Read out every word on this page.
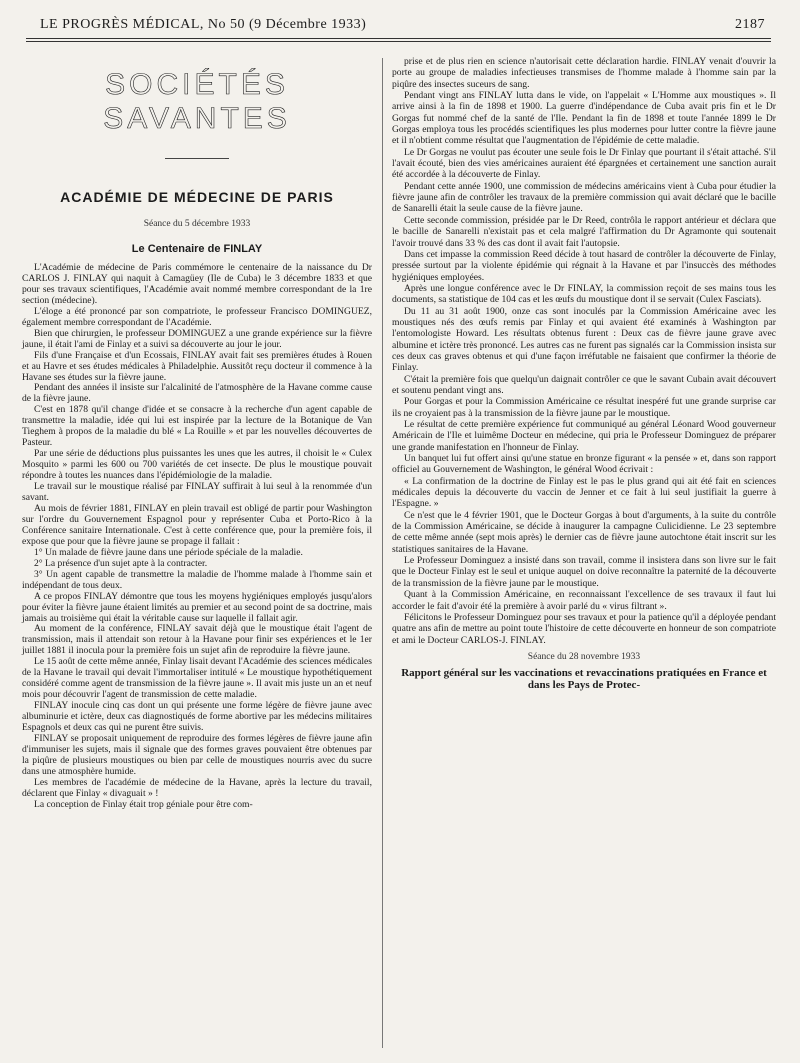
LE PROGRÈS MÉDICAL, No 50 (9 Décembre 1933)	2187
SOCIÉTÉS SAVANTES
ACADÉMIE DE MÉDECINE DE PARIS
Séance du 5 décembre 1933
Le Centenaire de FINLAY

L'Académie de médecine de Paris commémore le centenaire de la naissance du Dr CARLOS J. FINLAY qui naquit à Camagüey (Ile de Cuba) le 3 décembre 1833 et que pour ses travaux scientifiques, l'Académie avait nommé membre correspondant de la 1re section (médecine).

L'éloge a été prononcé par son compatriote, le professeur Francisco DOMINGUEZ, également membre correspondant de l'Académie.

Bien que chirurgien, le professeur DOMINGUEZ a une grande expérience sur la fièvre jaune, il était l'ami de Finlay et a suivi sa découverte au jour le jour.

Fils d'une Française et d'un Ecossais, FINLAY avait fait ses premières études à Rouen et au Havre et ses études médicales à Philadelphie. Aussitôt reçu docteur il commence à la Havane ses études sur la fièvre jaune.

Pendant des années il insiste sur l'alcalinité de l'atmosphère de la Havane comme cause de la fièvre jaune.

C'est en 1878 qu'il change d'idée et se consacre à la recherche d'un agent capable de transmettre la maladie, idée qui lui est inspirée par la lecture de la Botanique de Van Tieghem à propos de la maladie du blé « La Rouille » et par les nouvelles découvertes de Pasteur.

Par une série de déductions plus puissantes les unes que les autres, il choisit le « Culex Mosquito » parmi les 600 ou 700 variétés de cet insecte. De plus le moustique pouvait répondre à toutes les nuances dans l'épidémiologie de la maladie.

Le travail sur le moustique réalisé par FINLAY suffirait à lui seul à la renommée d'un savant.

Au mois de février 1881, FINLAY en plein travail est obligé de partir pour Washington sur l'ordre du Gouvernement Espagnol pour y représenter Cuba et Porto-Rico à la Conférence sanitaire Internationale. C'est à cette conférence que, pour la première fois, il expose que pour que la fièvre jaune se propage il fallait :

1° Un malade de fièvre jaune dans une période spéciale de la maladie.

2° La présence d'un sujet apte à la contracter.

3° Un agent capable de transmettre la maladie de l'homme malade à l'homme sain et indépendant de tous deux.

A ce propos FINLAY démontre que tous les moyens hygiéniques employés jusqu'alors pour éviter la fièvre jaune étaient limités au premier et au second point de sa doctrine, mais jamais au troisième qui était la véritable cause sur laquelle il fallait agir.

Au moment de la conférence, FINLAY savait déjà que le moustique était l'agent de transmission, mais il attendait son retour à la Havane pour finir ses expériences et le 1er juillet 1881 il inocula pour la première fois un sujet afin de reproduire la fièvre jaune.

Le 15 août de cette même année, Finlay lisait devant l'Académie des sciences médicales de la Havane le travail qui devait l'immortaliser intitulé « Le moustique hypothétiquement considéré comme agent de transmission de la fièvre jaune ». Il avait mis juste un an et neuf mois pour découvrir l'agent de transmission de cette maladie.

FINLAY inocule cinq cas dont un qui présente une forme légère de fièvre jaune avec albuminurie et ictère, deux cas diagnostiqués de forme abortive par les médecins militaires Espagnols et deux cas qui ne purent être suivis.

FINLAY se proposait uniquement de reproduire des formes légères de fièvre jaune afin d'immuniser les sujets, mais il signale que des formes graves pouvaient être obtenues par la piqûre de plusieurs moustiques ou bien par celle de moustiques nourris avec du sucre dans une atmosphère humide.

Les membres de l'académie de médecine de la Havane, après la lecture du travail, déclarent que Finlay « divaguait » !

La conception de Finlay était trop géniale pour être com-

prise et de plus rien en science n'autorisait cette déclaration hardie. FINLAY venait d'ouvrir la porte au groupe de maladies infectieuses transmises de l'homme malade à l'homme sain par la piqûre des insectes suceurs de sang.

Pendant vingt ans FINLAY lutta dans le vide, on l'appelait « L'Homme aux moustiques ». Il arrive ainsi à la fin de 1898 et 1900. La guerre d'indépendance de Cuba avait pris fin et le Dr Gorgas fut nommé chef de la santé de l'Ile. Pendant la fin de 1898 et toute l'année 1899 le Dr Gorgas employa tous les procédés scientifiques les plus modernes pour lutter contre la fièvre jaune et il n'obtient comme résultat que l'augmentation de l'épidémie de cette maladie.

Le Dr Gorgas ne voulut pas écouter une seule fois le Dr Finlay que pourtant il s'était attaché. S'il l'avait écouté, bien des vies américaines auraient été épargnées et certainement une sanction aurait été accordée à la découverte de Finlay.

Pendant cette année 1900, une commission de médecins américains vient à Cuba pour étudier la fièvre jaune afin de contrôler les travaux de la première commission qui avait déclaré que le bacille de Sanarelli était la seule cause de la fièvre jaune.

Cette seconde commission, présidée par le Dr Reed, contrôla le rapport antérieur et déclara que le bacille de Sanarelli n'existait pas et cela malgré l'affirmation du Dr Agramonte qui soutenait l'avoir trouvé dans 33 % des cas dont il avait fait l'autopsie.

Dans cet impasse la commission Reed décide à tout hasard de contrôler la découverte de Finlay, pressée surtout par la violente épidémie qui régnait à la Havane et par l'insuccès des méthodes hygiéniques employées.

Après une longue conférence avec le Dr FINLAY, la commission reçoit de ses mains tous les documents, sa statistique de 104 cas et les œufs du moustique dont il se servait (Culex Fasciats).

Du 11 au 31 août 1900, onze cas sont inoculés par la Commission Américaine avec les moustiques nés des œufs remis par Finlay et qui avaient été examinés à Washington par l'entomologiste Howard. Les résultats obtenus furent : Deux cas de fièvre jaune grave avec albumine et ictère très prononcé. Les autres cas ne furent pas signalés car la Commission insista sur ces deux cas graves obtenus et qui d'une façon irréfutable ne faisaient que confirmer la théorie de Finlay.

C'était la première fois que quelqu'un daignait contrôler ce que le savant Cubain avait découvert et soutenu pendant vingt ans.

Pour Gorgas et pour la Commission Américaine ce résultat inespéré fut une grande surprise car ils ne croyaient pas à la transmission de la fièvre jaune par le moustique.

Le résultat de cette première expérience fut communiqué au général Léonard Wood gouverneur Américain de l'Ile et luimême Docteur en médecine, qui pria le Professeur Dominguez de préparer une grande manifestation en l'honneur de Finlay.

Un banquet lui fut offert ainsi qu'une statue en bronze figurant « la pensée » et, dans son rapport officiel au Gouvernement de Washington, le général Wood écrivait :

« La confirmation de la doctrine de Finlay est le pas le plus grand qui ait été fait en sciences médicales depuis la découverte du vaccin de Jenner et ce fait à lui seul justifiait la guerre à l'Espagne. »

Ce n'est que le 4 février 1901, que le Docteur Gorgas à bout d'arguments, à la suite du contrôle de la Commission Américaine, se décide à inaugurer la campagne Culicidienne. Le 23 septembre de cette même année (sept mois après) le dernier cas de fièvre jaune autochtone était inscrit sur les statistiques sanitaires de la Havane.

Le Professeur Dominguez a insisté dans son travail, comme il insistera dans son livre sur le fait que le Docteur Finlay est le seul et unique auquel on doive reconnaître la paternité de la découverte de la transmission de la fièvre jaune par le moustique.

Quant à la Commission Américaine, en reconnaissant l'excellence de ses travaux il faut lui accorder le fait d'avoir été la première à avoir parlé du « virus filtrant ».

Félicitons le Professeur Dominguez pour ses travaux et pour la patience qu'il a déployée pendant quatre ans afin de mettre au point toute l'histoire de cette découverte en honneur de son compatriote et ami le Docteur CARLOS-J. FINLAY.

Séance du 28 novembre 1933
Rapport général sur les vaccinations et revaccinations pratiquées en France et dans les Pays de Protec-
